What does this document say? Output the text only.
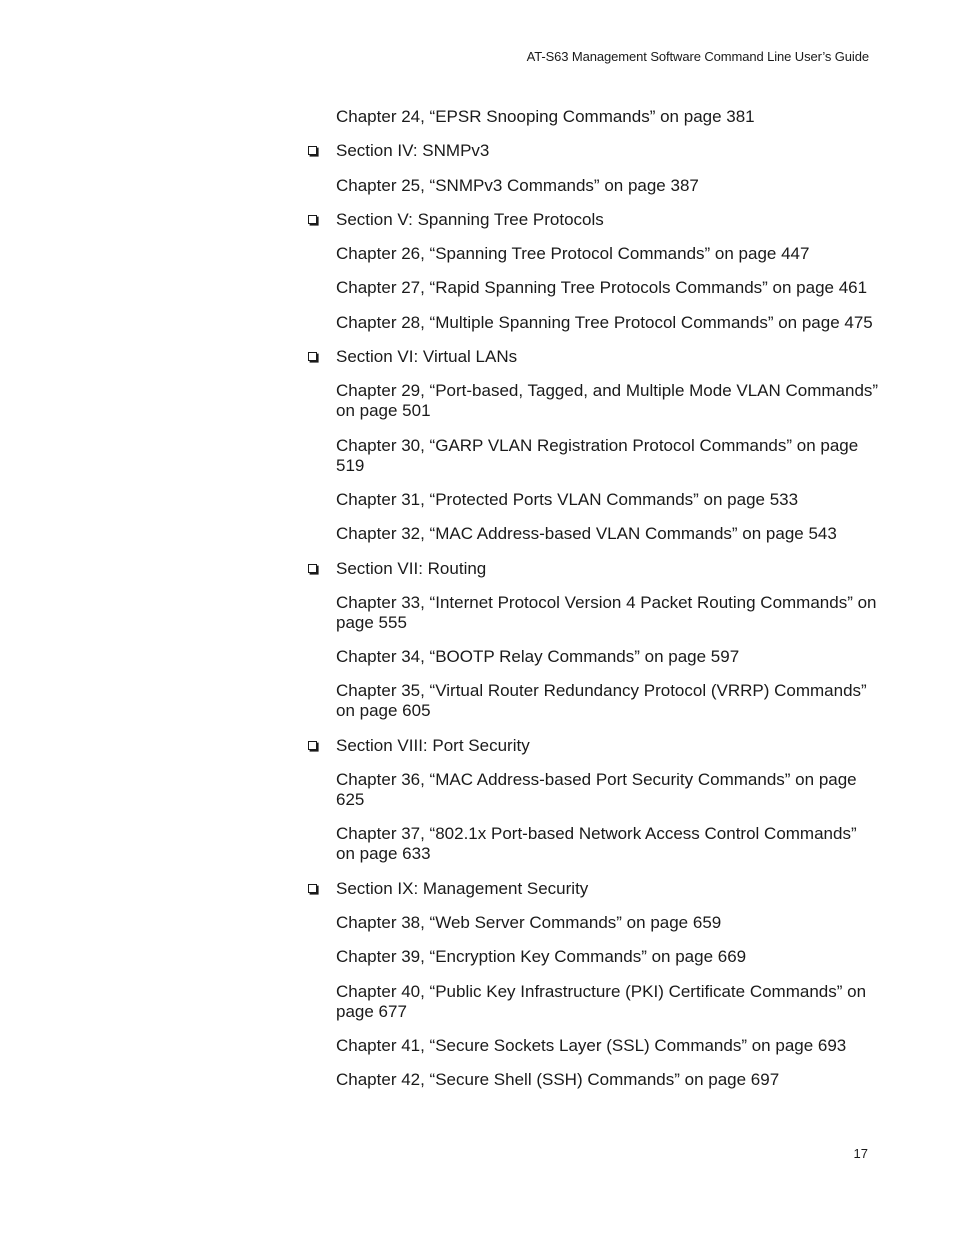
AT-S63 Management Software Command Line User’s Guide
Chapter 24, “EPSR Snooping Commands” on page 381
Section IV: SNMPv3
Chapter 25, “SNMPv3 Commands” on page 387
Section V: Spanning Tree Protocols
Chapter 26, “Spanning Tree Protocol Commands” on page 447
Chapter 27, “Rapid Spanning Tree Protocols Commands” on page 461
Chapter 28, “Multiple Spanning Tree Protocol Commands” on page 475
Section VI: Virtual LANs
Chapter 29, “Port-based, Tagged, and Multiple Mode VLAN Commands” on page 501
Chapter 30, “GARP VLAN Registration Protocol Commands” on page 519
Chapter 31, “Protected Ports VLAN Commands” on page 533
Chapter 32, “MAC Address-based VLAN Commands” on page 543
Section VII: Routing
Chapter 33, “Internet Protocol Version 4 Packet Routing Commands” on page 555
Chapter 34, “BOOTP Relay Commands” on page 597
Chapter 35, “Virtual Router Redundancy Protocol (VRRP) Commands” on page 605
Section VIII: Port Security
Chapter 36, “MAC Address-based Port Security Commands” on page 625
Chapter 37, “802.1x Port-based Network Access Control Commands” on page 633
Section IX: Management Security
Chapter 38, “Web Server Commands” on page 659
Chapter 39, “Encryption Key Commands” on page 669
Chapter 40, “Public Key Infrastructure (PKI) Certificate Commands” on page 677
Chapter 41, “Secure Sockets Layer (SSL) Commands” on page 693
Chapter 42, “Secure Shell (SSH) Commands” on page 697
17
